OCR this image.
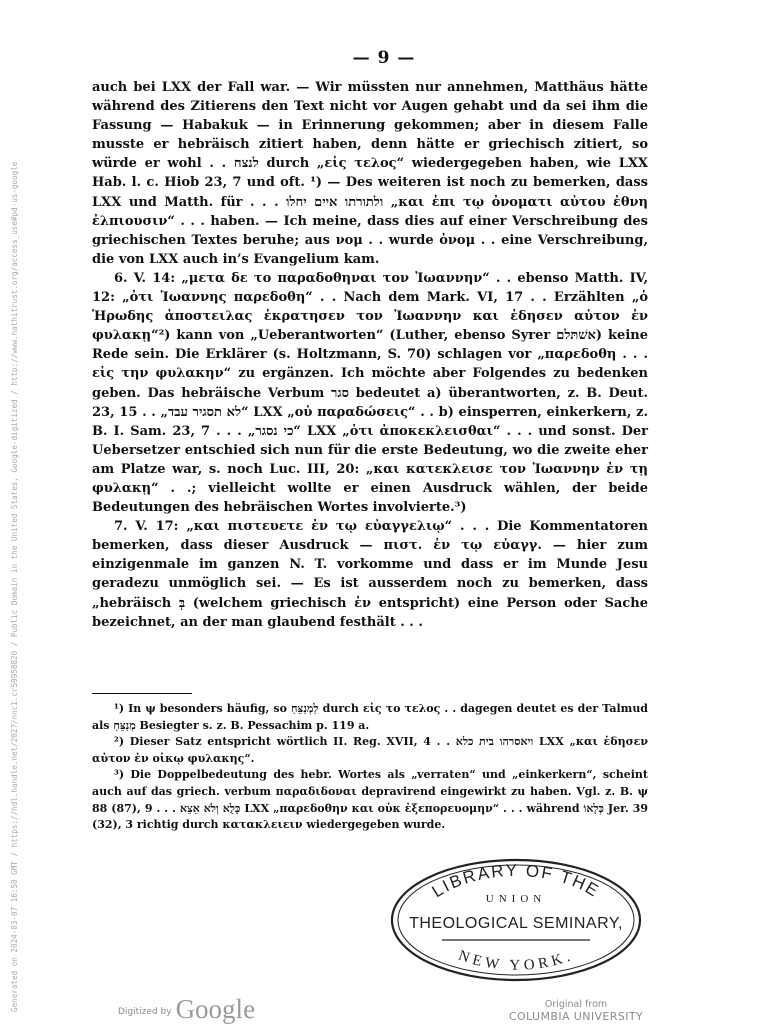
— 9 —

auch bei LXX der Fall war. — Wir müssten nur annehmen, Matthäus hätte während des Zitierens den Text nicht vor Augen gehabt und da sei ihm die Fassung — Habakuk — in Erinnerung gekommen; aber in diesem Falle musste er hebräisch zitiert haben, denn hätte er griechisch zitiert, so würde er wohl . . לנצח durch „εἰς τελος“ wiedergegeben haben, wie LXX Hab. l. c. Hiob 23, 7 und oft. ¹) — Des weiteren ist noch zu bemerken, dass LXX und Matth. für . . . ולתורתו איים יחלו „και ἐπι τῳ ὀνοματι αὐτου ἐθνη ἐλπιουσιν“ . . . haben. — Ich meine, dass dies auf einer Verschreibung des griechischen Textes beruhe; aus νομ . . wurde ὀνομ . . eine Verschreibung, die von LXX auch in’s Evangelium kam.

6. V. 14: „μετα δε το παραδοθηναι τον Ἰωαννην“ . . ebenso Matth. IV, 12: „ὀτι Ἰωαννης παρεδοθη“ . . Nach dem Mark. VI, 17 . . Erzählten „ὁ Ἡρωδης ἀποστειλας ἐκρατησεν τον Ἰωαννην και ἐδησεν αὐτον ἐν φυλακῃ“²) kann von „Ueberantworten“ (Luther, ebenso Syrer אשׁתּלם) keine Rede sein. Die Erklärer (s. Holtzmann, S. 70) schlagen vor „παρεδοθη . . . εἰς την φυλακην“ zu ergänzen. Ich möchte aber Folgendes zu bedenken geben. Das hebräische Verbum סגר bedeutet a) überantworten, z. B. Deut. 23, 15 . . „לא תסגיר עבד“ LXX „οὐ παραδώσεις“ . . b) einsperren, einkerkern, z. B. I. Sam. 23, 7 . . . „כי נסגר“ LXX „ὀτι ἀποκεκλεισθαι“ . . . und sonst. Der Uebersetzer entschied sich nun für die erste Bedeutung, wo die zweite eher am Platze war, s. noch Luc. III, 20: „και κατεκλεισε τον Ἰωαννην ἐν τῃ φυλακῃ“ . .; vielleicht wollte er einen Ausdruck wählen, der beide Bedeutungen des hebräischen Wortes involvierte.³)

7. V. 17: „και πιστευετε ἐν τῳ εὐαγγελιῳ“ . . . Die Kommentatoren bemerken, dass dieser Ausdruck — πιστ. ἐν τῳ εὐαγγ. — hier zum einzigenmale im ganzen N. T. vorkomme und dass er im Munde Jesu geradezu unmöglich sei. — Es ist ausserdem noch zu bemerken, dass „hebräisch בְּ (welchem griechisch ἐν entspricht) eine Person oder Sache bezeichnet, an der man glaubend festhält . . .

¹) In ψ besonders häufig, so לַמְנַצֵּחַ durch εἰς το τελος . . dagegen deutet es der Talmud als מְנַצֵּחַ Besiegter s. z. B. Pessachim p. 119 a.

²) Dieser Satz entspricht wörtlich II. Reg. XVII, 4 . . ויאסרהו בית כלא LXX „και ἐδησεν αὐτον ἐν οἰκῳ φυλακης“.

³) Die Doppelbedeutung des hebr. Wortes als „verraten“ und „einkerkern“, scheint auch auf das griech. verbum παραδιδοναι depravirend eingewirkt zu haben. Vgl. z. B. ψ 88 (87), 9 . . . כָּלֻא וְלֹא אֵצֵא LXX „παρεδοθην και οὐκ ἐξεπορευομην“ . . . während כְּלָאוֹ Jer. 39 (32), 3 richtig durch κατακλειειν wiedergegeben wurde.

LIBRARY OF THE
UNION
THEOLOGICAL SEMINARY,
NEW YORK.
Generated on 2024-03-07 16:50 GMT / https://hdl.handle.net/2027/nnc1.cr59958820 / Public Domain in the United States, Google-digitized / http://www.hathitrust.org/access_use#pd-us-google	$^{Digitized by}$ Google	Original from
COLUMBIA UNIVERSITY
